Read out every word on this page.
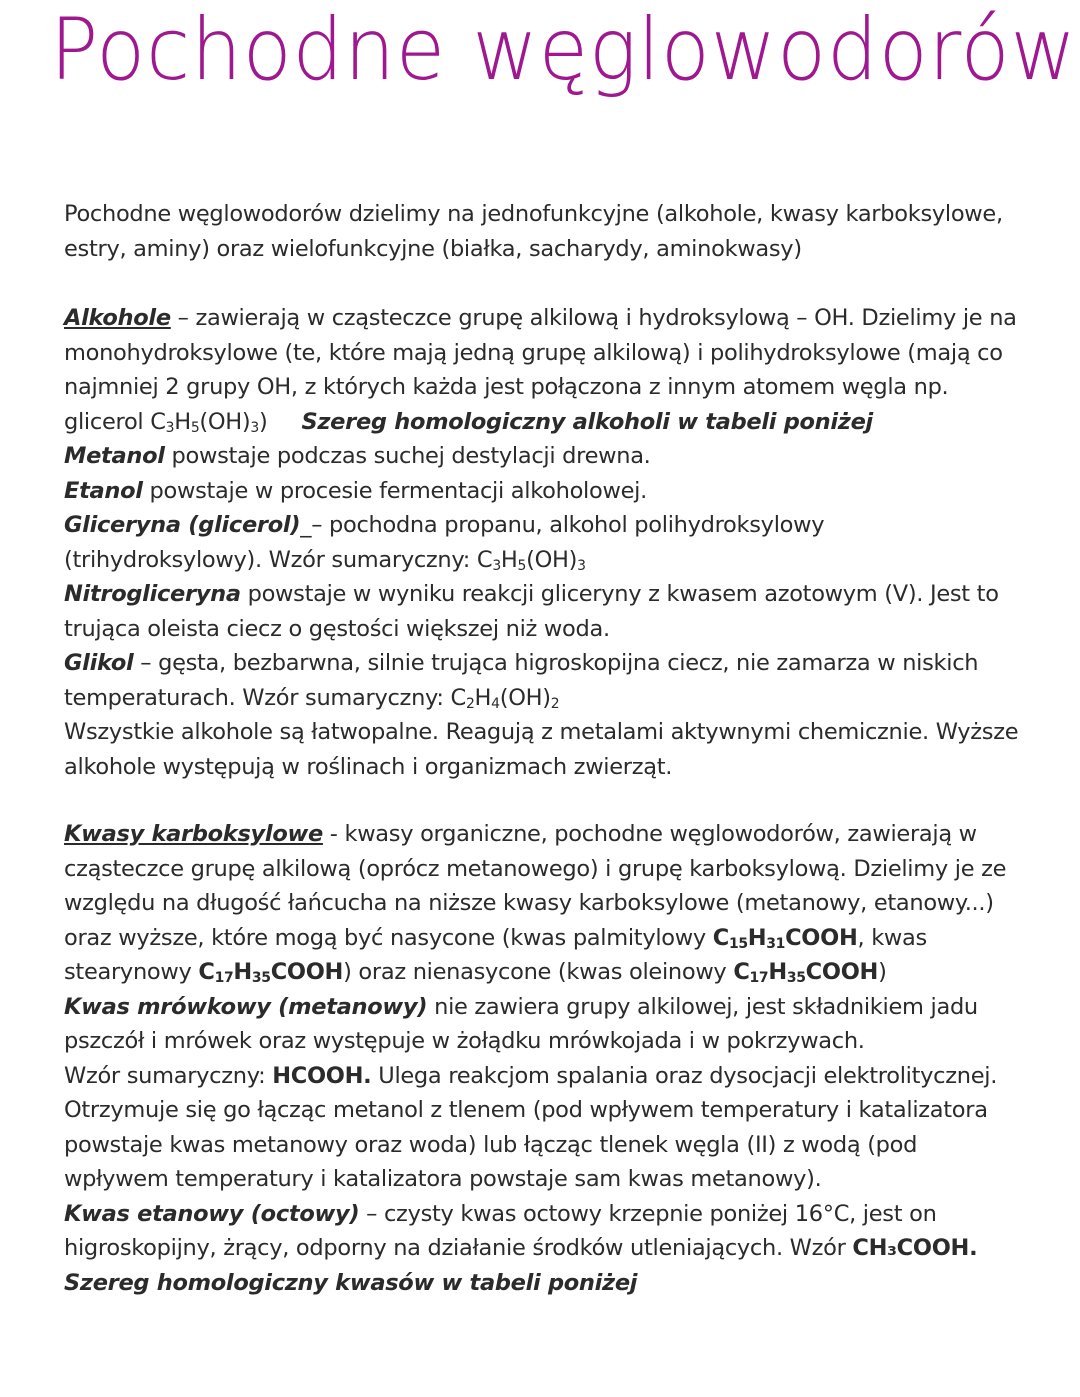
Pochodne węglowodorów

Pochodne węglowodorów dzielimy na jednofunkcyjne (alkohole, kwasy karboksylowe, estry, aminy) oraz wielofunkcyjne (białka, sacharydy, aminokwasy)

Alkohole – zawierają w cząsteczce grupę alkilową i hydroksylową – OH. Dzielimy je na monohydroksylowe (te, które mają jedną grupę alkilową) i polihydroksylowe (mają co najmniej 2 grupy OH, z których każda jest połączona z innym atomem węgla np. glicerol $C_3H_5(OH)_3$) Szereg homologiczny alkoholi w tabeli poniżej

Metanol powstaje podczas suchej destylacji drewna.

Etanol powstaje w procesie fermentacji alkoholowej.

Gliceryna (glicerol)_– pochodna propanu, alkohol polihydroksylowy (trihydroksylowy). Wzór sumaryczny: $C_3H_5(OH)_3$

Nitrogliceryna powstaje w wyniku reakcji gliceryny z kwasem azotowym (V). Jest to trująca oleista ciecz o gęstości większej niż woda.

Glikol – gęsta, bezbarwna, silnie trująca higroskopijna ciecz, nie zamarza w niskich temperaturach. Wzór sumaryczny: $C_2H_4(OH)_2$

Wszystkie alkohole są łatwopalne. Reagują z metalami aktywnymi chemicznie. Wyższe alkohole występują w roślinach i organizmach zwierząt.

Kwasy karboksylowe - kwasy organiczne, pochodne węglowodorów, zawierają w cząsteczce grupę alkilową (oprócz metanowego) i grupę karboksylową. Dzielimy je ze względu na długość łańcucha na niższe kwasy karboksylowe (metanowy, etanowy...) oraz wyższe, które mogą być nasycone (kwas palmitylowy $C_{15}H_{31}COOH$, kwas stearynowy $C_{17}H_{35}COOH$) oraz nienasycone (kwas oleinowy $C_{17}H_{35}COOH$)

Kwas mrówkowy (metanowy) nie zawiera grupy alkilowej, jest składnikiem jadu pszczół i mrówek oraz występuje w żołądku mrówkojada i w pokrzywach.
Wzór sumaryczny: HCOOH. Ulega reakcjom spalania oraz dysocjacji elektrolitycznej. Otrzymuje się go łącząc metanol z tlenem (pod wpływem temperatury i katalizatora powstaje kwas metanowy oraz woda) lub łącząc tlenek węgla (II) z wodą (pod wpływem temperatury i katalizatora powstaje sam kwas metanowy).

Kwas etanowy (octowy) – czysty kwas octowy krzepnie poniżej 16°C, jest on higroskopijny, żrący, odporny na działanie środków utleniających. Wzór CH₃COOH.

Szereg homologiczny kwasów w tabeli poniżej
